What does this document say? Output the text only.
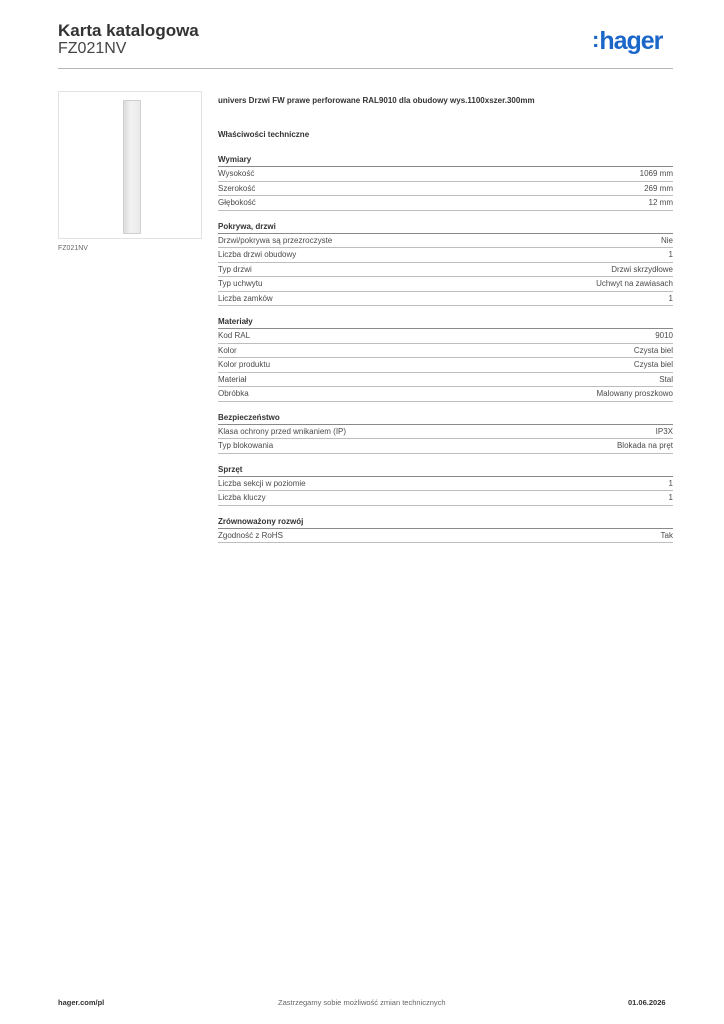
Karta katalogowa
FZ021NV	:hager
FZ021NV
univers Drzwi FW prawe perforowane RAL9010 dla obudowy wys.1100xszer.300mm
Właściwości techniczne
Wymiary
Wysokość	1069 mm
Szerokość	269 mm
Głębokość	12 mm
Pokrywa, drzwi
Drzwi/pokrywa są przezroczyste	Nie
Liczba drzwi obudowy	1
Typ drzwi	Drzwi skrzydłowe
Typ uchwytu	Uchwyt na zawiasach
Liczba zamków	1
Materiały
Kod RAL	9010
Kolor	Czysta biel
Kolor produktu	Czysta biel
Materiał	Stal
Obróbka	Malowany proszkowo
Bezpieczeństwo
Klasa ochrony przed wnikaniem (IP)	IP3X
Typ blokowania	Blokada na pręt
Sprzęt
Liczba sekcji w poziomie	1
Liczba kluczy	1
Zrównoważony rozwój
Zgodność z RoHS	Tak
hager.com/pl	Zastrzegamy sobie możliwość zmian technicznych	01.06.2026
